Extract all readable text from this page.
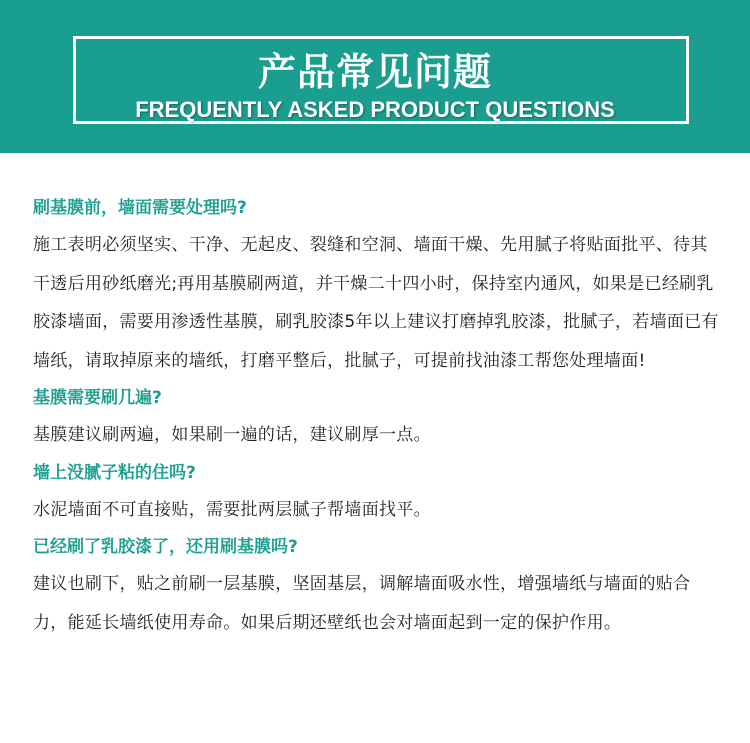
产品常见问题
FREQUENTLY ASKED PRODUCT QUESTIONS
刷基膜前，墙面需要处理吗?
施工表明必须坚实、干净、无起皮、裂缝和空洞、墙面干燥、先用腻子将贴面批平、待其干透后用砂纸磨光;再用基膜刷两道，并干燥二十四小时，保持室内通风，如果是已经刷乳胶漆墙面，需要用渗透性基膜，刷乳胶漆5年以上建议打磨掉乳胶漆，批腻子，若墙面已有墙纸，请取掉原来的墙纸，打磨平整后，批腻子，可提前找油漆工帮您处理墙面!
基膜需要刷几遍?
基膜建议刷两遍，如果刷一遍的话，建议刷厚一点。
墙上没腻子粘的住吗?
水泥墙面不可直接贴，需要批两层腻子帮墙面找平。
已经刷了乳胶漆了，还用刷基膜吗?
建议也刷下，贴之前刷一层基膜，坚固基层，调解墙面吸水性，增强墙纸与墙面的贴合力，能延长墙纸使用寿命。如果后期还壁纸也会对墙面起到一定的保护作用。
